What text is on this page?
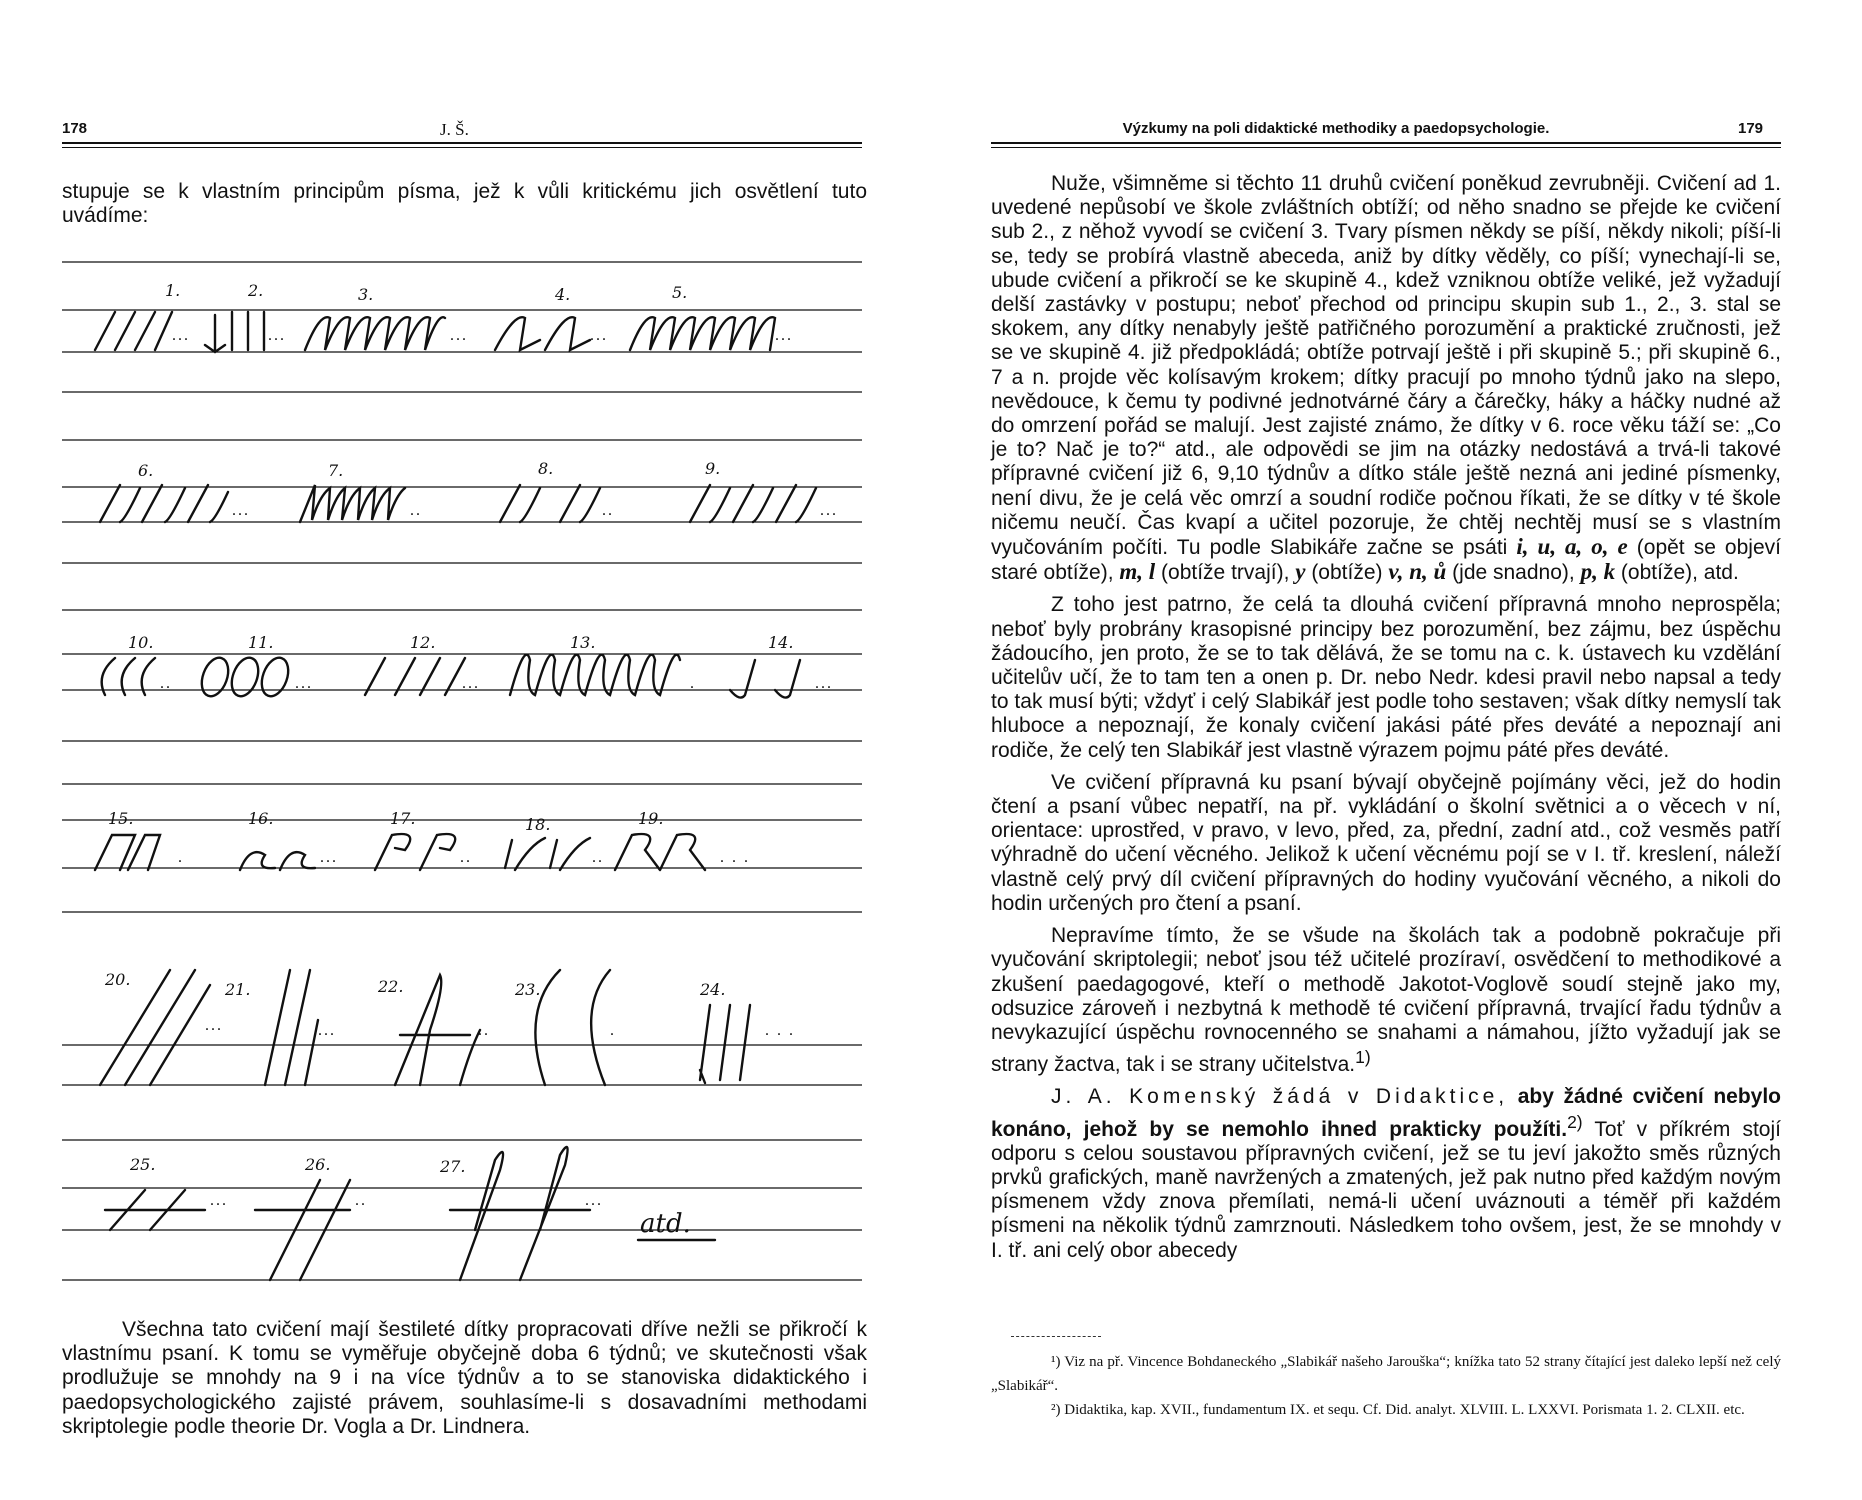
178	J. Š.

stupuje se k vlastním principům písma, jež k vůli kritickému jich osvětlení tuto uvádíme:

1.	2.	3.	4.	5.
...	...	...	...	...
6.	7.	8.	9.
...	..	..	...
10.	11.	12.	13.	14.
..	...	...	.	...
15.	16.	17.	18.	19.
.	...	..	..	. . .
20.
21.	22.	23.	24.
...	...	..	.	. . .
25.	26.	27.
...	..	...
atd.

Všechna tato cvičení mají šestileté dítky propracovati dříve nežli se přikročí k vlastnímu psaní. K tomu se vyměřuje obyčejně doba 6 týdnů; ve skutečnosti však prodlužuje se mnohdy na 9 i na více týdnův a to se stanoviska didaktického i paedopsychologického zajisté právem, souhlasíme-li s dosavadními methodami skriptolegie podle theorie Dr. Vogla a Dr. Lindnera.

Výzkumy na poli didaktické methodiky a paedopsychologie.	179

Nuže, všimněme si těchto 11 druhů cvičení poněkud zevrubněji. Cvičení ad 1. uvedené nepůsobí ve škole zvláštních obtíží; od něho snadno se přejde ke cvičení sub 2., z něhož vyvodí se cvičení 3. Tvary písmen někdy se píší, někdy nikoli; píší-li se, tedy se probírá vlastně abeceda, aniž by dítky věděly, co píší; vynechají-li se, ubude cvičení a přikročí se ke skupině 4., kdež vzniknou obtíže veliké, jež vyžadují delší zastávky v postupu; neboť přechod od principu skupin sub 1., 2., 3. stal se skokem, any dítky nenabyly ještě patřičného porozumění a praktické zručnosti, jež se ve skupině 4. již předpokládá; obtíže potrvají ještě i při skupině 5.; při skupině 6., 7 a n. projde věc kolísavým krokem; dítky pracují po mnoho týdnů jako na slepo, nevědouce, k čemu ty podivné jednotvárné čáry a čárečky, háky a háčky nudné až do omrzení pořád se malují. Jest zajisté známo, že dítky v 6. roce věku táží se: „Co je to? Nač je to?“ atd., ale odpovědi se jim na otázky nedostává a trvá-li takové přípravné cvičení již 6, 9,10 týdnův a dítko stále ještě nezná ani jediné písmenky, není divu, že je celá věc omrzí a soudní rodiče počnou říkati, že se dítky v té škole ničemu neučí. Čas kvapí a učitel pozoruje, že chtěj nechtěj musí se s vlastním vyučováním počíti. Tu podle Slabikáře začne se psáti i, u, a, o, e (opět se objeví staré obtíže), m, l (obtíže trvají), y (obtíže) v, n, ů (jde snadno), p, k (obtíže), atd.

Z toho jest patrno, že celá ta dlouhá cvičení přípravná mnoho neprospěla; neboť byly probrány krasopisné principy bez porozumění, bez zájmu, bez úspěchu žádoucího, jen proto, že se to tak dělává, že se tomu na c. k. ústavech ku vzdělání učitelův učí, že to tam ten a onen p. Dr. nebo Nedr. kdesi pravil nebo napsal a tedy to tak musí býti; vždyť i celý Slabikář jest podle toho sestaven; však dítky nemyslí tak hluboce a nepoznají, že konaly cvičení jakási páté přes deváté a nepoznají ani rodiče, že celý ten Slabikář jest vlastně výrazem pojmu páté přes deváté.

Ve cvičení přípravná ku psaní bývají obyčejně pojímány věci, jež do hodin čtení a psaní vůbec nepatří, na př. vykládání o školní světnici a o věcech v ní, orientace: uprostřed, v pravo, v levo, před, za, přední, zadní atd., což vesměs patří výhradně do učení věcného. Jelikož k učení věcnému pojí se v I. tř. kreslení, náleží vlastně celý prvý díl cvičení přípravných do hodiny vyučování věcného, a nikoli do hodin určených pro čtení a psaní.

Nepravíme tímto, že se všude na školách tak a podobně pokračuje při vyučování skriptolegii; neboť jsou též učitelé prozíraví, osvědčení to methodikové a zkušení paedagogové, kteří o methodě Jakotot-Voglově soudí stejně jako my, odsuzice zároveň i nezbytná k methodě té cvičení přípravná, trvající řadu týdnův a nevykazující úspěchu rovnocenného se snahami a námahou, jížto vyžadují jak se strany žactva, tak i se strany učitelstva.$^{1)}$

J. A. Komenský žádá v Didaktice, aby žádné cvičení nebylo konáno, jehož by se nemohlo ihned prakticky použíti.$^{2)}$ Toť v příkrém stojí odporu s celou soustavou přípravných cvičení, jež se tu jeví jakožto směs různých prvků grafických, maně navržených a zmatených, jež pak nutno před každým novým písmenem vždy znova přemílati, nemá-li učení uváznouti a téměř při každém písmeni na několik týdnů zamrznouti. Následkem toho ovšem, jest, že se mnohdy v I. tř. ani celý obor abecedy

¹) Viz na př. Vincence Bohdaneckého „Slabikář našeho Jarouška“; knížka tato 52 strany čítající jest daleko lepší než celý „Slabikář“.

²) Didaktika, kap. XVII., fundamentum IX. et sequ. Cf. Did. analyt. XLVIII. L. LXXVI. Porismata 1. 2. CLXII. etc.
